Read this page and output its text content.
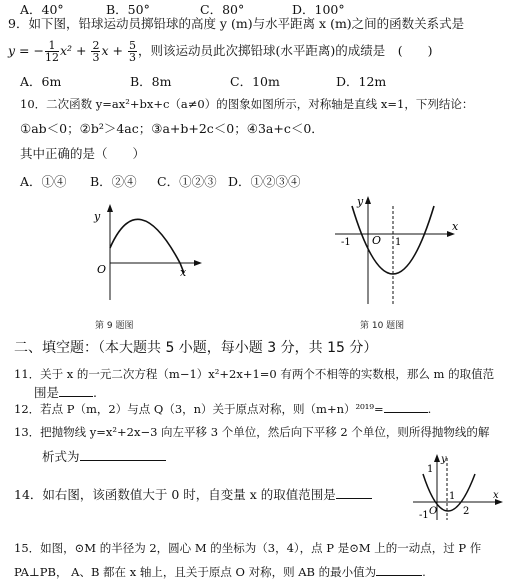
A．40°	B．50°	C．80°	D．100°
9．如下图，铅球运动员掷铅球的高度 y (m)与水平距离 x (m)之间的函数关系式是
y = − $\frac{1}{12} x^2 + \frac{2}{3}$ $x + \frac{5}{3}$ ，则该运动员此次掷铅球(水平距离)的成绩是　(　　)
A．6m	B．8m	C．10m	D．12m
10．二次函数 y=ax²+bx+c（a≠0）的图象如图所示，对称轴是直线 x=1，下列结论：
①ab＜0；②b²＞4ac；③a+b+2c＜0；④3a+c＜0．
其中正确的是（　　）
A．①④ B．②④ C．①②③ D．①②③④
y
x
O
第 9 题图
-1	1
O
y
x
第 10 题图
二、填空题：（本大题共 5 小题，每小题 3 分，共 15 分）
11．关于 x 的一元二次方程（m−1）x²+2x+1=0 有两个不相等的实数根，那么 m 的取值范
围是	.
12．若点 P（m，2）与点 Q（3，n）关于原点对称，则（m+n）²⁰¹⁹=	.
13．把抛物线 y=x²+2x−3 向左平移 3 个单位，然后向下平移 2 个单位，则所得抛物线的解
析式为
14．如右图，该函数值大于 0 时，自变量 x 的取值范围是
1
-1 O
1
2
y
x
15．如图，⊙M 的半径为 2，圆心 M 的坐标为（3，4），点 P 是⊙M 上的一动点，过 P 作
PA⊥PB， A、B 都在 x 轴上，且关于原点 O 对称，则 AB 的最小值为	.
